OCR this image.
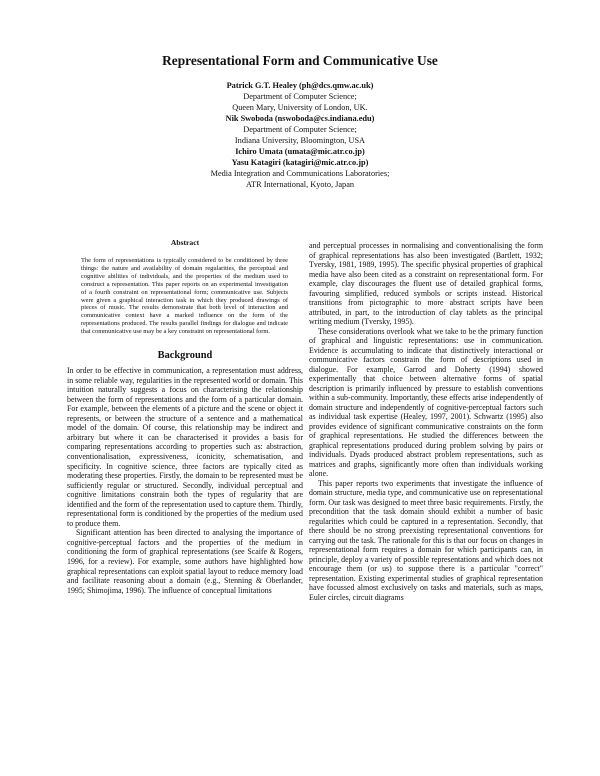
Representational Form and Communicative Use
Patrick G.T. Healey (ph@dcs.qmw.ac.uk)
Department of Computer Science;
Queen Mary, University of London, UK.
Nik Swoboda (nswoboda@cs.indiana.edu)
Department of Computer Science;
Indiana University, Bloomington, USA
Ichiro Umata (umata@mic.atr.co.jp)
Yasu Katagiri (katagiri@mic.atr.co.jp)
Media Integration and Communications Laboratories;
ATR International, Kyoto, Japan
Abstract
The form of representations is typically considered to be conditioned by three things: the nature and availability of domain regularities, the perceptual and cognitive abilities of individuals, and the properties of the medium used to construct a representation. This paper reports on an experimental investigation of a fourth constraint on representational form; communicative use. Subjects were given a graphical interaction task in which they produced drawings of pieces of music. The results demonstrate that both level of interaction and communicative context have a marked influence on the form of the representations produced. The results parallel findings for dialogue and indicate that communicative use may be a key constraint on representational form.
Background

In order to be effective in communication, a representation must address, in some reliable way, regularities in the represented world or domain. This intuition naturally suggests a focus on characterising the relationship between the form of representations and the form of a particular domain. For example, between the elements of a picture and the scene or object it represents, or between the structure of a sentence and a mathematical model of the domain. Of course, this relationship may be indirect and arbitrary but where it can be characterised it provides a basis for comparing representations according to properties such as: abstraction, conventionalisation, expressiveness, iconicity, schematisation, and specificity. In cognitive science, three factors are typically cited as moderating these properties. Firstly, the domain to be represented must be sufficiently regular or structured. Secondly, individual perceptual and cognitive limitations constrain both the types of regularity that are identified and the form of the representation used to capture them. Thirdly, representational form is conditioned by the properties of the medium used to produce them.

Significant attention has been directed to analysing the importance of cognitive-perceptual factors and the properties of the medium in conditioning the form of graphical representations (see Scaife & Rogers, 1996, for a review). For example, some authors have highlighted how graphical representations can exploit spatial layout to reduce memory load and facilitate reasoning about a domain (e.g., Stenning & Oberlander, 1995; Shimojima, 1996). The influence of conceptual limitations

and perceptual processes in normalising and conventionalising the form of graphical representations has also been investigated (Bartlett, 1932; Tversky, 1981, 1989, 1995). The specific physical properties of graphical media have also been cited as a constraint on representational form. For example, clay discourages the fluent use of detailed graphical forms, favouring simplified, reduced symbols or scripts instead. Historical transitions from pictographic to more abstract scripts have been attributed, in part, to the introduction of clay tablets as the principal writing medium (Tversky, 1995).

These considerations overlook what we take to be the primary function of graphical and linguistic representations: use in communication. Evidence is accumulating to indicate that distinctively interactional or communicative factors constrain the form of descriptions used in dialogue. For example, Garrod and Doherty (1994) showed experimentally that choice between alternative forms of spatial description is primarily influenced by pressure to establish conventions within a sub-community. Importantly, these effects arise independently of domain structure and independently of cognitive-perceptual factors such as individual task expertise (Healey, 1997, 2001). Schwartz (1995) also provides evidence of significant communicative constraints on the form of graphical representations. He studied the differences between the graphical representations produced during problem solving by pairs or individuals. Dyads produced abstract problem representations, such as matrices and graphs, significantly more often than individuals working alone.

This paper reports two experiments that investigate the influence of domain structure, media type, and communicative use on representational form. Our task was designed to meet three basic requirements. Firstly, the precondition that the task domain should exhibit a number of basic regularities which could be captured in a representation. Secondly, that there should be no strong preexisting representational conventions for carrying out the task. The rationale for this is that our focus on changes in representational form requires a domain for which participants can, in principle, deploy a variety of possible representations and which does not encourage them (or us) to suppose there is a particular "correct" representation. Existing experimental studies of graphical representation have focussed almost exclusively on tasks and materials, such as maps, Euler circles, circuit diagrams
